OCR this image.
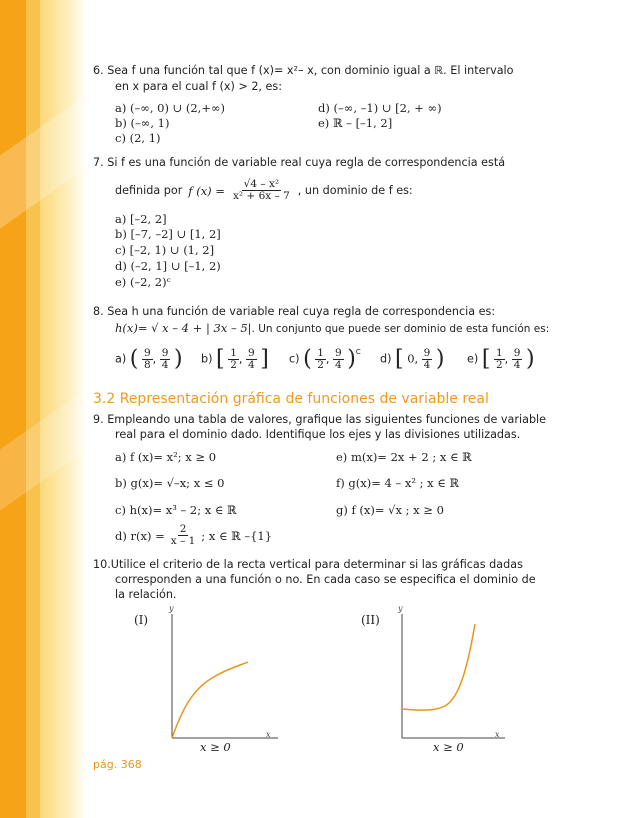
6. Sea f una función tal que f (x)= x²– x, con dominio igual a ℝ. El intervalo
en x para el cual f (x) > 2, es:
a) (–∞, 0) ∪ (2,+∞)
b) (–∞, 1)
c) (2, 1)
d) (–∞, –1) ∪ [2, + ∞)
e) ℝ – [–1, 2]
7. Si f es una función de variable real cuya regla de correspondencia está
definida por f $(x) = \frac{\text{√4 – x²}}{\text{x² + 6x – 7}}$ , un dominio de f es:
a) [–2, 2]
b) [–7, –2] ∪ [1, 2]
c) [–2, 1) ∪ (1, 2]
d) (–2, 1] ∪ [–1, 2)
e) (–2, 2)ᶜ
8. Sea h una función de variable real cuya regla de correspondencia es:
h(x)= √ x – 4 + | 3x – 5|. Un conjunto que puede ser dominio de esta función es:
a) ( $\frac{9}{8}$ , $\frac{9}{4}$ ) b) [ $\frac{1}{2}$ , $\frac{9}{4}$ ] c) ( $\frac{1}{2}$ , $\frac{9}{4} )^C$
d) [ 0, $\frac{9}{4}$ ) e) [ $\frac{1}{2}$ , $\frac{9}{4}$ )
3.2 Representación gráfica de funciones de variable real
9. Empleando una tabla de valores, grafique las siguientes funciones de variable
real para el dominio dado. Identifique los ejes y las divisiones utilizadas.
a) f (x)= x²; x ≥ 0
b) g(x)= √–x; x ≤ 0
c) h(x)= x³ – 2; x ∈ ℝ
d) $r(x) = \frac{2}{x - 1}$ ; x ∈ ℝ –{1}
e) m(x)= 2x + 2 ; x ∈ ℝ
f) g(x)= 4 – x² ; x ∈ ℝ
g) f (x)= √x ; x ≥ 0
10.Utilice el criterio de la recta vertical para determinar si las gráficas dadas
corresponden a una función o no. En cada caso se especifica el dominio de
la relación.
(I)
y
x
x ≥ 0
(II)
y
x
x ≥ 0
pág. 368
